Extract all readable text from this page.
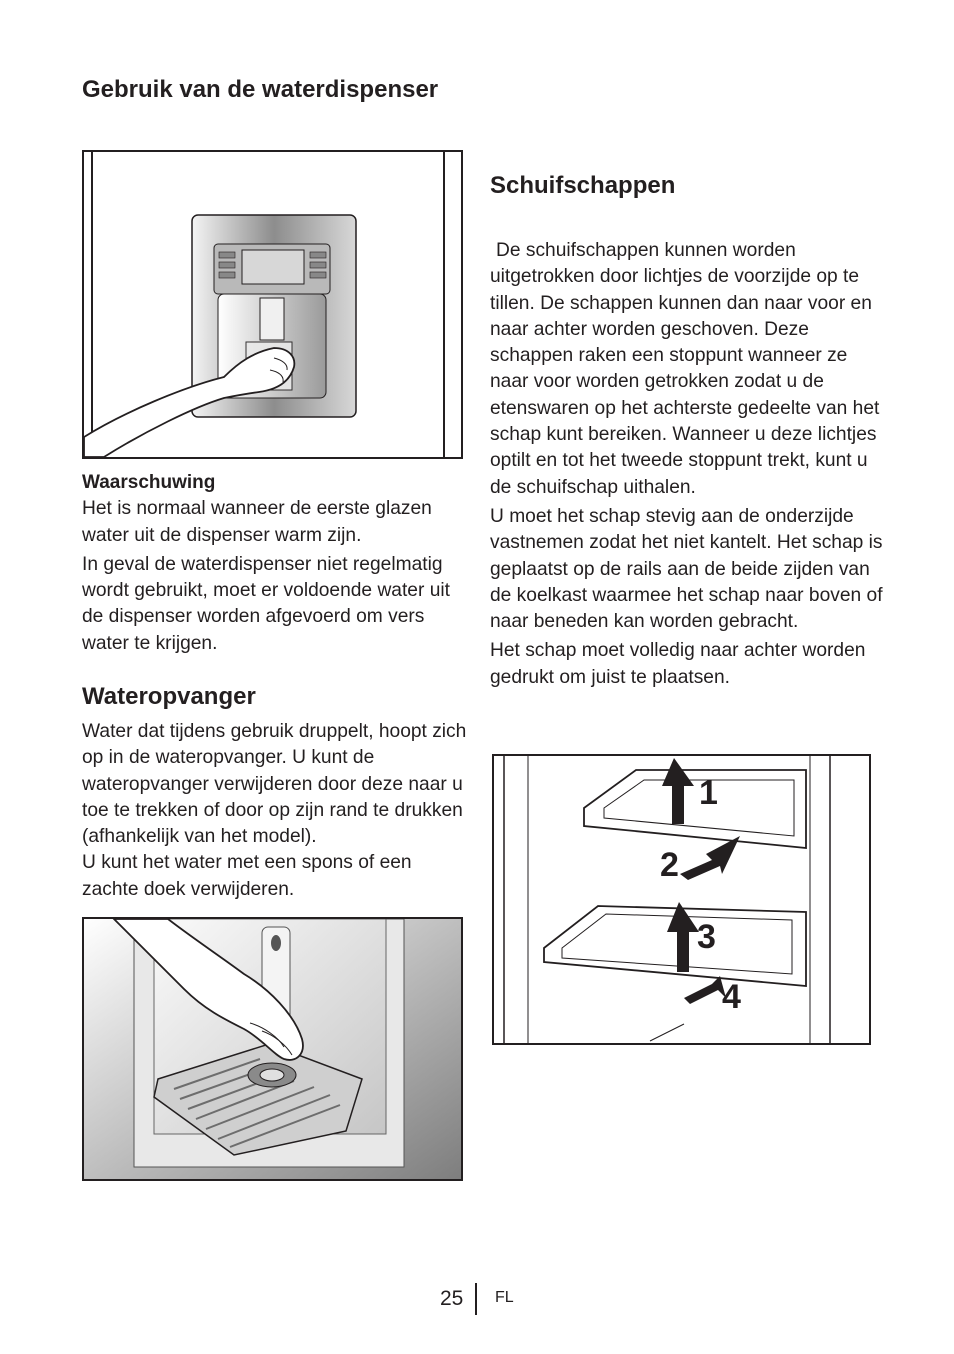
Gebruik van de waterdispenser

Waarschuwing

Het is normaal wanneer de eerste glazen water uit de dispenser warm zijn.

In geval de waterdispenser niet regelmatig wordt gebruikt, moet er voldoende water uit de dispenser worden afgevoerd om vers water te krijgen.

Wateropvanger

Water dat tijdens gebruik druppelt, hoopt zich op in de wateropvanger. U kunt de wateropvanger verwijderen door deze naar u toe te trekken of door op zijn rand te drukken (afhankelijk van het model).

U kunt het water met een spons of een zachte doek verwijderen.

Schuifschappen

De schuifschappen kunnen worden uitgetrokken door lichtjes de voorzijde op te tillen. De schappen kunnen dan naar voor en naar achter worden geschoven. Deze schappen raken een stoppunt wanneer ze naar voor worden getrokken zodat u de etenswaren op het achterste gedeelte van het schap kunt bereiken. Wanneer u deze lichtjes optilt en tot het tweede stoppunt trekt, kunt u de schuifschap uithalen.

U moet het schap stevig aan de onderzijde vastnemen zodat het niet kantelt. Het schap is geplaatst op de rails aan de beide zijden van de koelkast waarmee het schap naar boven of naar beneden kan worden gebracht.

Het schap moet volledig naar achter worden gedrukt om juist te plaatsen.

1
2
3
4
25 FL
